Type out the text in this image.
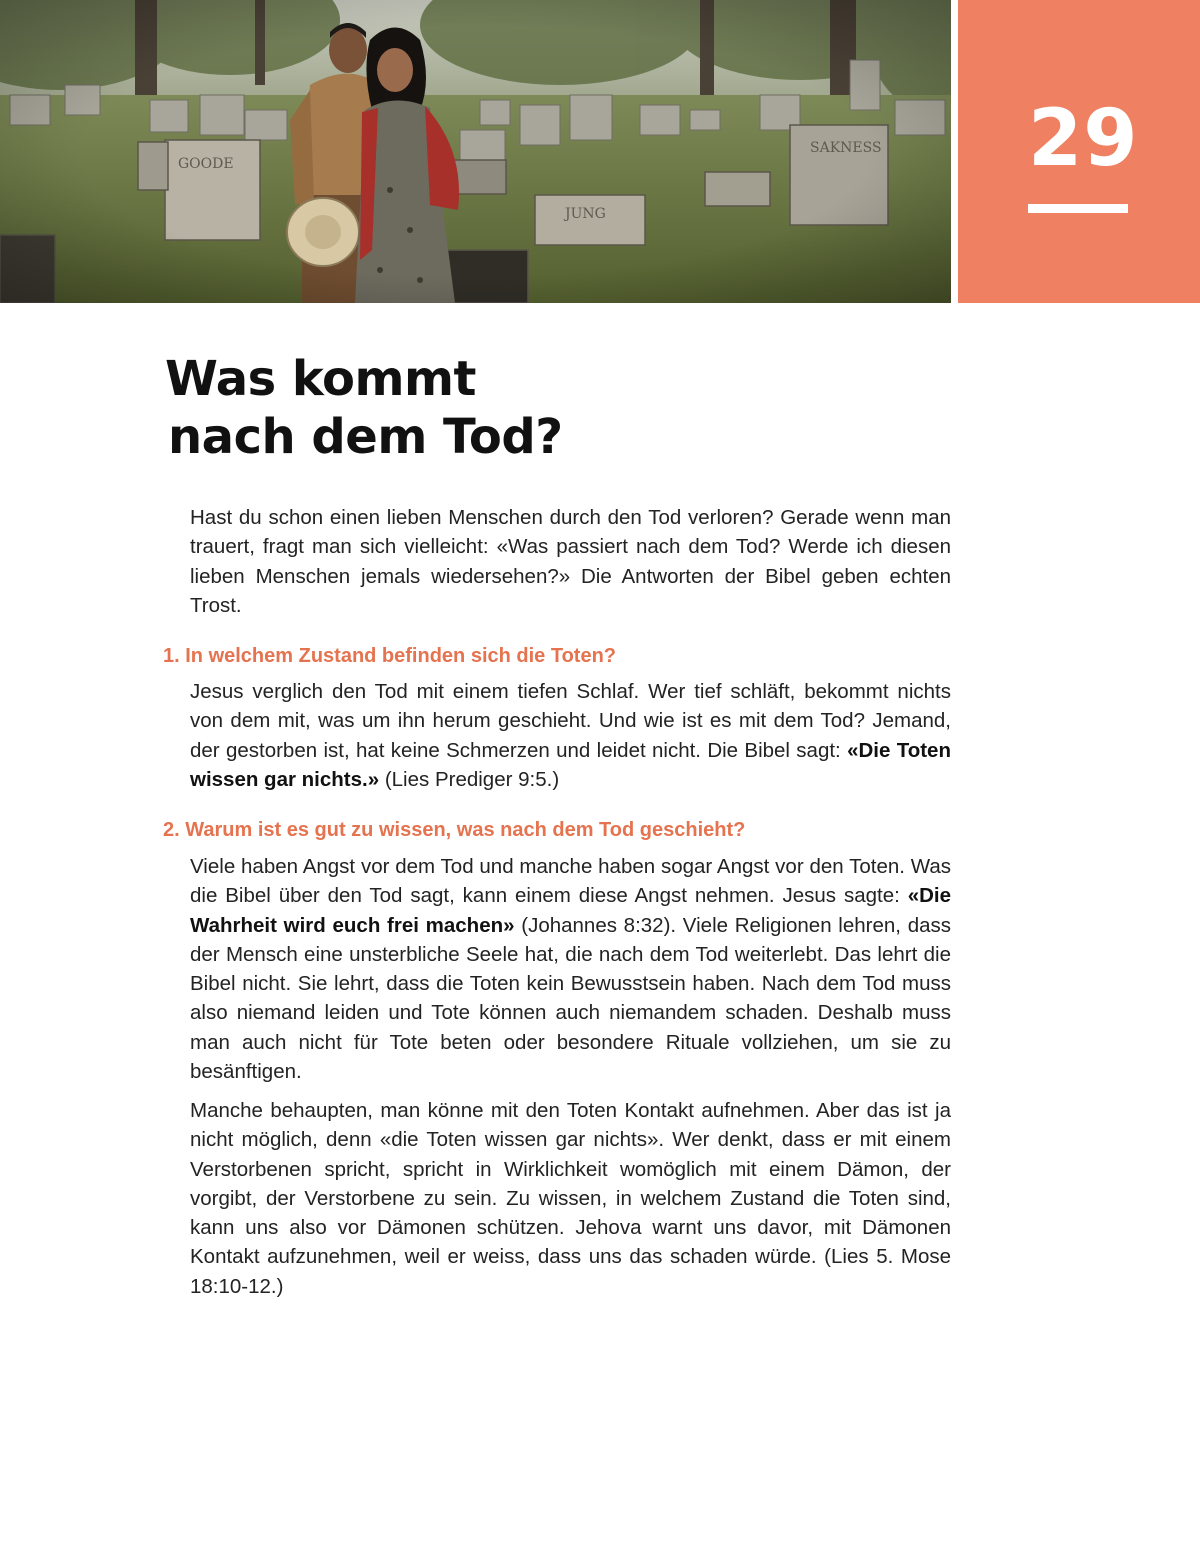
29
Was kommt
nach dem Tod?

Hast du schon einen lieben Menschen durch den Tod verloren? Gerade wenn man trauert, fragt man sich vielleicht: «Was passiert nach dem Tod? Werde ich diesen lieben Menschen jemals wiedersehen?» Die Antworten der Bibel geben echten Trost.

1. In welchem Zustand befinden sich die Toten?

Jesus verglich den Tod mit einem tiefen Schlaf. Wer tief schläft, bekommt nichts von dem mit, was um ihn herum geschieht. Und wie ist es mit dem Tod? Jemand, der gestorben ist, hat keine Schmerzen und leidet nicht. Die Bibel sagt: «Die Toten wissen gar nichts.» (Lies Prediger 9:5.)

2. Warum ist es gut zu wissen, was nach dem Tod geschieht?

Viele haben Angst vor dem Tod und manche haben sogar Angst vor den Toten. Was die Bibel über den Tod sagt, kann einem diese Angst nehmen. Jesus sagte: «Die Wahrheit wird euch frei machen» (Johannes 8:32). Viele Religionen lehren, dass der Mensch eine unsterbliche Seele hat, die nach dem Tod weiterlebt. Das lehrt die Bibel nicht. Sie lehrt, dass die Toten kein Bewusstsein haben. Nach dem Tod muss also niemand leiden und Tote können auch niemandem schaden. Deshalb muss man auch nicht für Tote beten oder besondere Rituale vollziehen, um sie zu besänftigen.

Manche behaupten, man könne mit den Toten Kontakt aufnehmen. Aber das ist ja nicht möglich, denn «die Toten wissen gar nichts». Wer denkt, dass er mit einem Verstorbenen spricht, spricht in Wirklichkeit womöglich mit einem Dämon, der vorgibt, der Verstorbene zu sein. Zu wissen, in welchem Zustand die Toten sind, kann uns also vor Dämonen schützen. Jehova warnt uns davor, mit Dämonen Kontakt aufzunehmen, weil er weiss, dass uns das schaden würde. (Lies 5. Mose 18:10-12.)
